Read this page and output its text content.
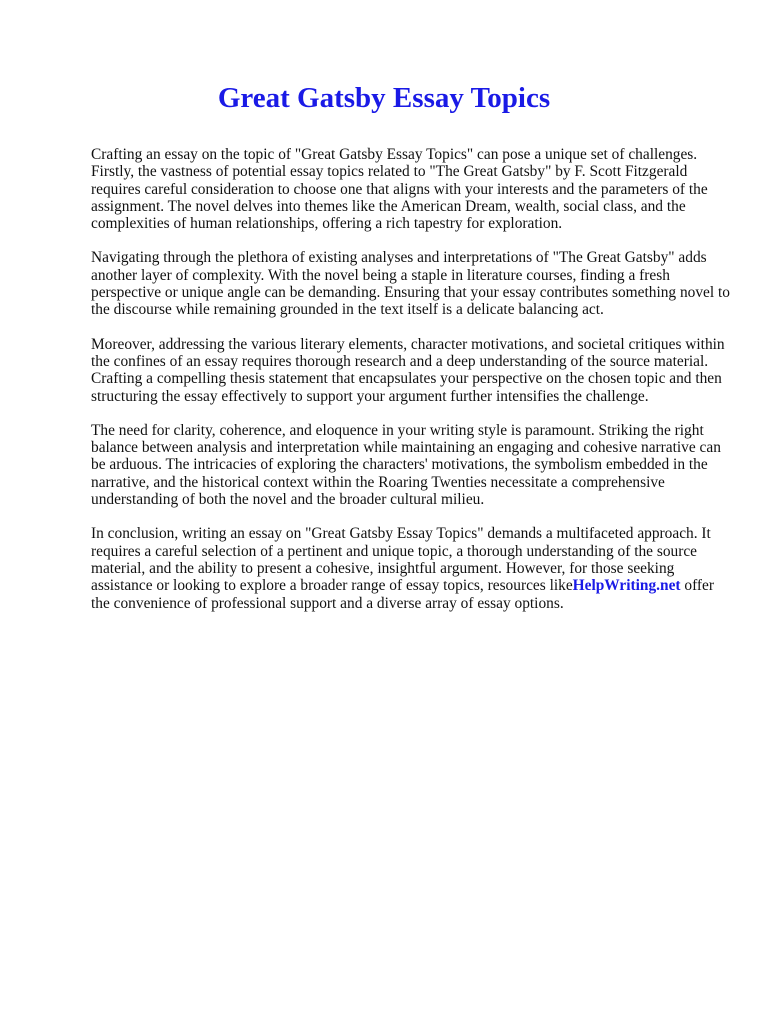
Great Gatsby Essay Topics

Crafting an essay on the topic of "Great Gatsby Essay Topics" can pose a unique set of challenges. Firstly, the vastness of potential essay topics related to "The Great Gatsby" by F. Scott Fitzgerald requires careful consideration to choose one that aligns with your interests and the parameters of the assignment. The novel delves into themes like the American Dream, wealth, social class, and the complexities of human relationships, offering a rich tapestry for exploration.

Navigating through the plethora of existing analyses and interpretations of "The Great Gatsby" adds another layer of complexity. With the novel being a staple in literature courses, finding a fresh perspective or unique angle can be demanding. Ensuring that your essay contributes something novel to the discourse while remaining grounded in the text itself is a delicate balancing act.

Moreover, addressing the various literary elements, character motivations, and societal critiques within the confines of an essay requires thorough research and a deep understanding of the source material. Crafting a compelling thesis statement that encapsulates your perspective on the chosen topic and then structuring the essay effectively to support your argument further intensifies the challenge.

The need for clarity, coherence, and eloquence in your writing style is paramount. Striking the right balance between analysis and interpretation while maintaining an engaging and cohesive narrative can be arduous. The intricacies of exploring the characters' motivations, the symbolism embedded in the narrative, and the historical context within the Roaring Twenties necessitate a comprehensive understanding of both the novel and the broader cultural milieu.

In conclusion, writing an essay on "Great Gatsby Essay Topics" demands a multifaceted approach. It requires a careful selection of a pertinent and unique topic, a thorough understanding of the source material, and the ability to present a cohesive, insightful argument. However, for those seeking assistance or looking to explore a broader range of essay topics, resources likeHelpWriting.net offer the convenience of professional support and a diverse array of essay options.
